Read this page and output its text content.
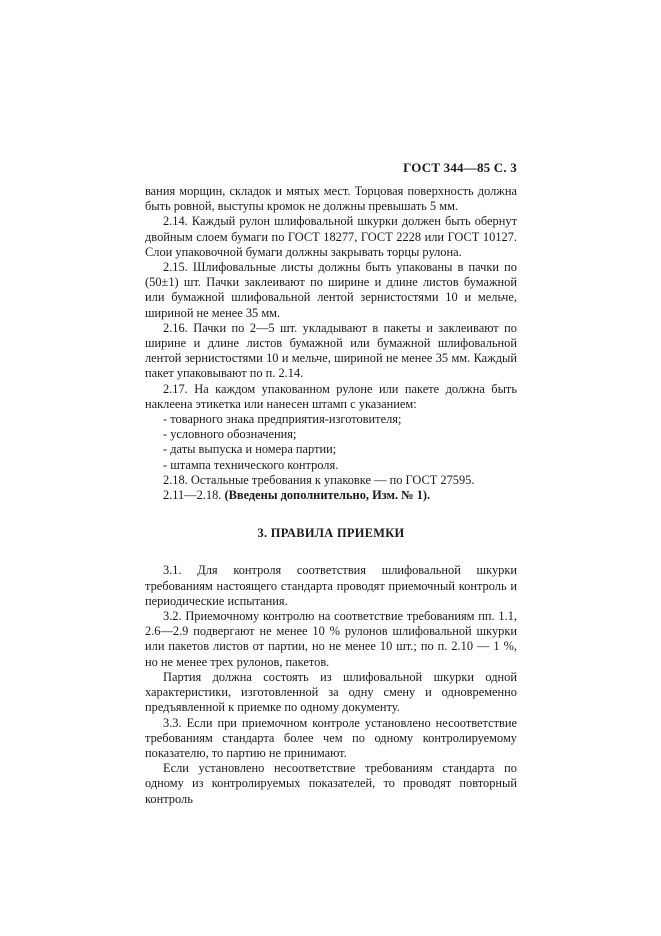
ГОСТ 344—85 С. 3

вания морщин, складок и мятых мест. Торцовая поверхность должна быть ровной, выступы кромок не должны превышать 5 мм.

2.14. Каждый рулон шлифовальной шкурки должен быть обернут двойным слоем бумаги по ГОСТ 18277, ГОСТ 2228 или ГОСТ 10127. Слои упаковочной бумаги должны закрывать торцы рулона.

2.15. Шлифовальные листы должны быть упакованы в пачки по (50±1) шт. Пачки заклеивают по ширине и длине листов бумажной или бумажной шлифовальной лентой зернистостями 10 и мельче, шириной не менее 35 мм.

2.16. Пачки по 2—5 шт. укладывают в пакеты и заклеивают по ширине и длине листов бумажной или бумажной шлифовальной лентой зернистостями 10 и мельче, шириной не менее 35 мм. Каждый пакет упаковывают по п. 2.14.

2.17. На каждом упакованном рулоне или пакете должна быть наклеена этикетка или нанесен штамп с указанием:

- товарного знака предприятия-изготовителя;

- условного обозначения;

- даты выпуска и номера партии;

- штампа технического контроля.

2.18. Остальные требования к упаковке — по ГОСТ 27595.

2.11—2.18. (Введены дополнительно, Изм. № 1).

3. ПРАВИЛА ПРИЕМКИ

3.1. Для контроля соответствия шлифовальной шкурки требованиям настоящего стандарта проводят приемочный контроль и периодические испытания.

3.2. Приемочному контролю на соответствие требованиям пп. 1.1, 2.6—2.9 подвергают не менее 10 % рулонов шлифовальной шкурки или пакетов листов от партии, но не менее 10 шт.; по п. 2.10 — 1 %, но не менее трех рулонов, пакетов.

Партия должна состоять из шлифовальной шкурки одной характеристики, изготовленной за одну смену и одновременно предъявленной к приемке по одному документу.

3.3. Если при приемочном контроле установлено несоответствие требованиям стандарта более чем по одному контролируемому показателю, то партию не принимают.

Если установлено несоответствие требованиям стандарта по одному из контролируемых показателей, то проводят повторный контроль
